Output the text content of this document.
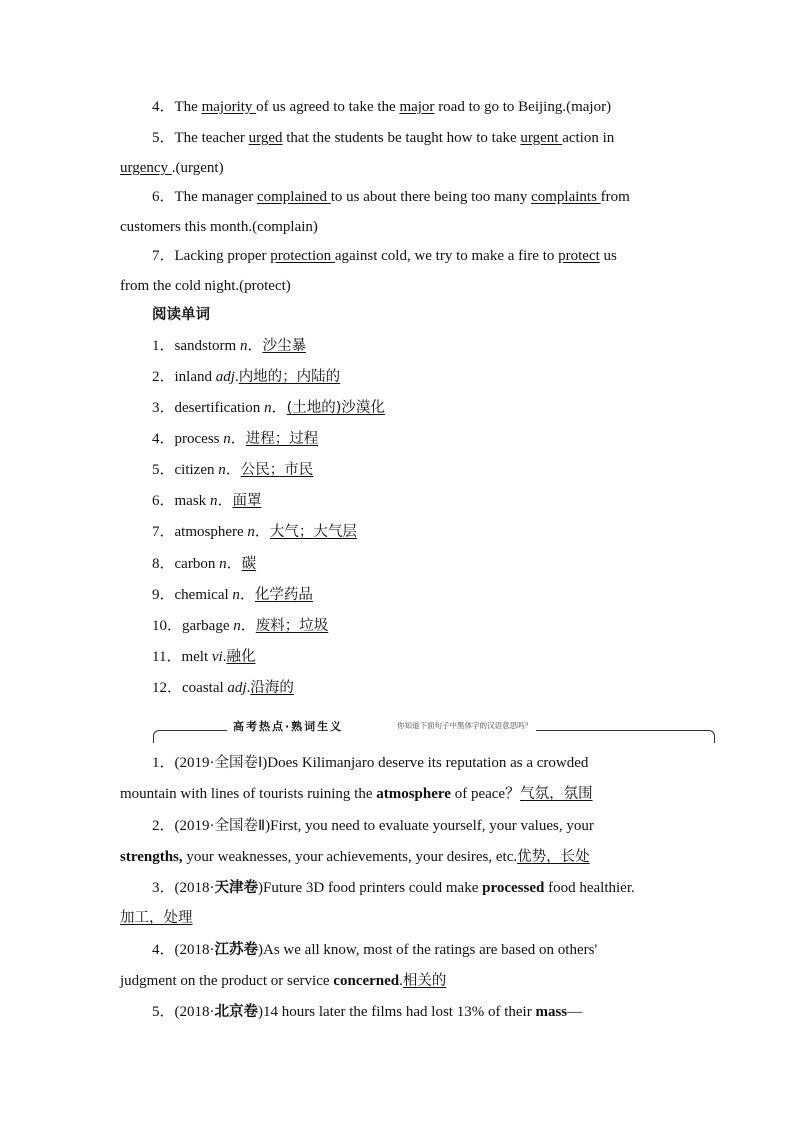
4．The majority of us agreed to take the major road to go to Beijing.(major)
5．The teacher urged that the students be taught how to take urgent action in
urgency .(urgent)
6．The manager complained to us about there being too many complaints from
customers this month.(complain)
7．Lacking proper protection against cold, we try to make a fire to protect us
from the cold night.(protect)
阅读单词
1．sandstorm n．沙尘暴
2．inland adj.内地的；内陆的
3．desertification n．(土地的)沙漠化
4．process n．进程；过程
5．citizen n．公民；市民
6．mask n．面罩
7．atmosphere n．大气；大气层
8．carbon n．碳
9．chemical n．化学药品
10．garbage n．废料；垃圾
11．melt vi.融化
12．coastal adj.沿海的
高考热点·熟词生义	你知道下面句子中黑体字的汉语意思吗？
1．(2019·全国卷Ⅰ)Does Kilimanjaro deserve its reputation as a crowded
mountain with lines of tourists ruining the atmosphere of peace？气氛，氛围
2．(2019·全国卷Ⅱ)First, you need to evaluate yourself, your values, your
strengths, your weaknesses, your achievements, your desires, etc.优势，长处
3．(2018·天津卷)Future 3D food printers could make processed food healthier.
加工，处理
4．(2018·江苏卷)As we all know, most of the ratings are based on others'
judgment on the product or service concerned.相关的
5．(2018·北京卷)14 hours later the films had lost 13% of their mass—
